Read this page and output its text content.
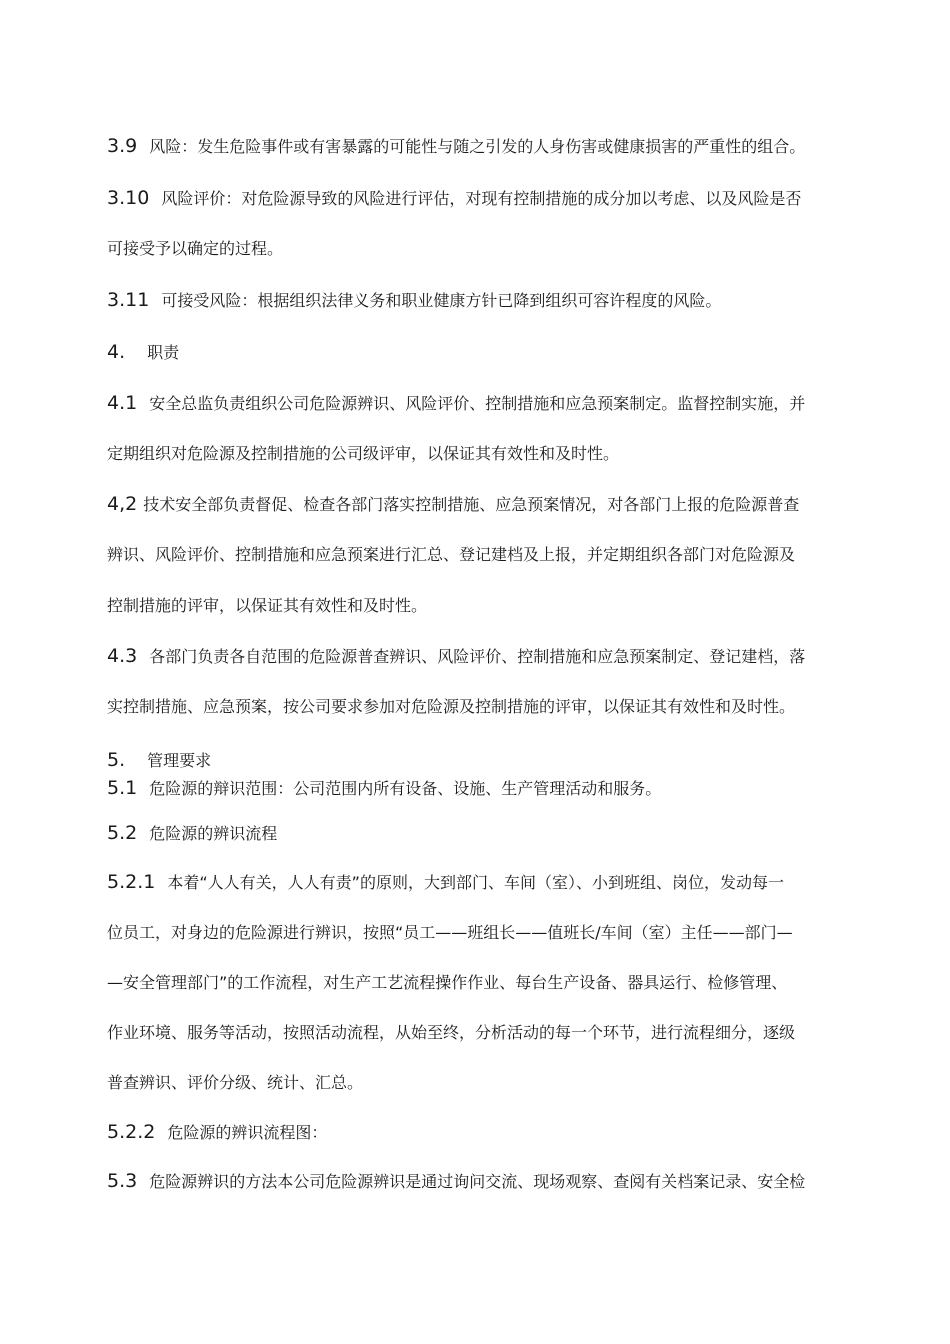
3.9 风险：发生危险事件或有害暴露的可能性与随之引发的人身伤害或健康损害的严重性的组合。
3.10 风险评价：对危险源导致的风险进行评估，对现有控制措施的成分加以考虑、以及风险是否
可接受予以确定的过程。
3.11 可接受风险：根据组织法律义务和职业健康方针已降到组织可容许程度的风险。
4. 职责
4.1 安全总监负责组织公司危险源辨识、风险评价、控制措施和应急预案制定。监督控制实施，并
定期组织对危险源及控制措施的公司级评审，以保证其有效性和及时性。
4,2 技术安全部负责督促、检查各部门落实控制措施、应急预案情况，对各部门上报的危险源普查
辨识、风险评价、控制措施和应急预案进行汇总、登记建档及上报，并定期组织各部门对危险源及
控制措施的评审，以保证其有效性和及时性。
4.3 各部门负责各自范围的危险源普查辨识、风险评价、控制措施和应急预案制定、登记建档，落
实控制措施、应急预案，按公司要求参加对危险源及控制措施的评审，以保证其有效性和及时性。
5. 管理要求
5.1 危险源的辩识范围：公司范围内所有设备、设施、生产管理活动和服务。
5.2 危险源的辨识流程
5.2.1 本着“人人有关，人人有责”的原则，大到部门、车间（室）、小到班组、岗位，发动每一
位员工，对身边的危险源进行辨识，按照“员工——班组长——值班长/车间（室）主任——部门—
—安全管理部门”的工作流程，对生产工艺流程操作作业、每台生产设备、器具运行、检修管理、
作业环境、服务等活动，按照活动流程，从始至终，分析活动的每一个环节，进行流程细分，逐级
普查辨识、评价分级、统计、汇总。
5.2.2 危险源的辨识流程图：
5.3 危险源辨识的方法本公司危险源辨识是通过询问交流、现场观察、查阅有关档案记录、安全检
